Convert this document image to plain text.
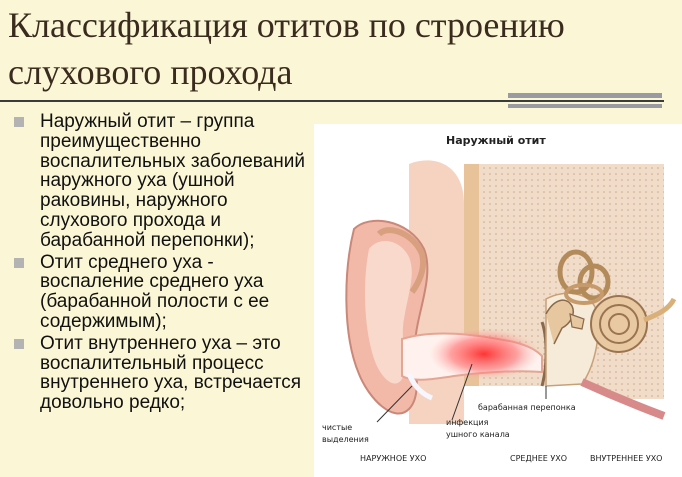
Классификация отитов по строению слухового прохода
Наружный отит – группа преимущественно воспалительных заболеваний наружного уха (ушной раковины, наружного слухового прохода и барабанной перепонки);
Отит среднего уха - воспаление среднего уха (барабанной полости с ее содержимым);
Отит внутреннего уха – это воспалительный процесс внутреннего уха, встречается довольно редко;
Наружный отит
чистые
выделения
инфекция
ушного канала
барабанная перепонка
НАРУЖНОЕ УХО	СРЕДНЕЕ УХО	ВНУТРЕННЕЕ УХО
